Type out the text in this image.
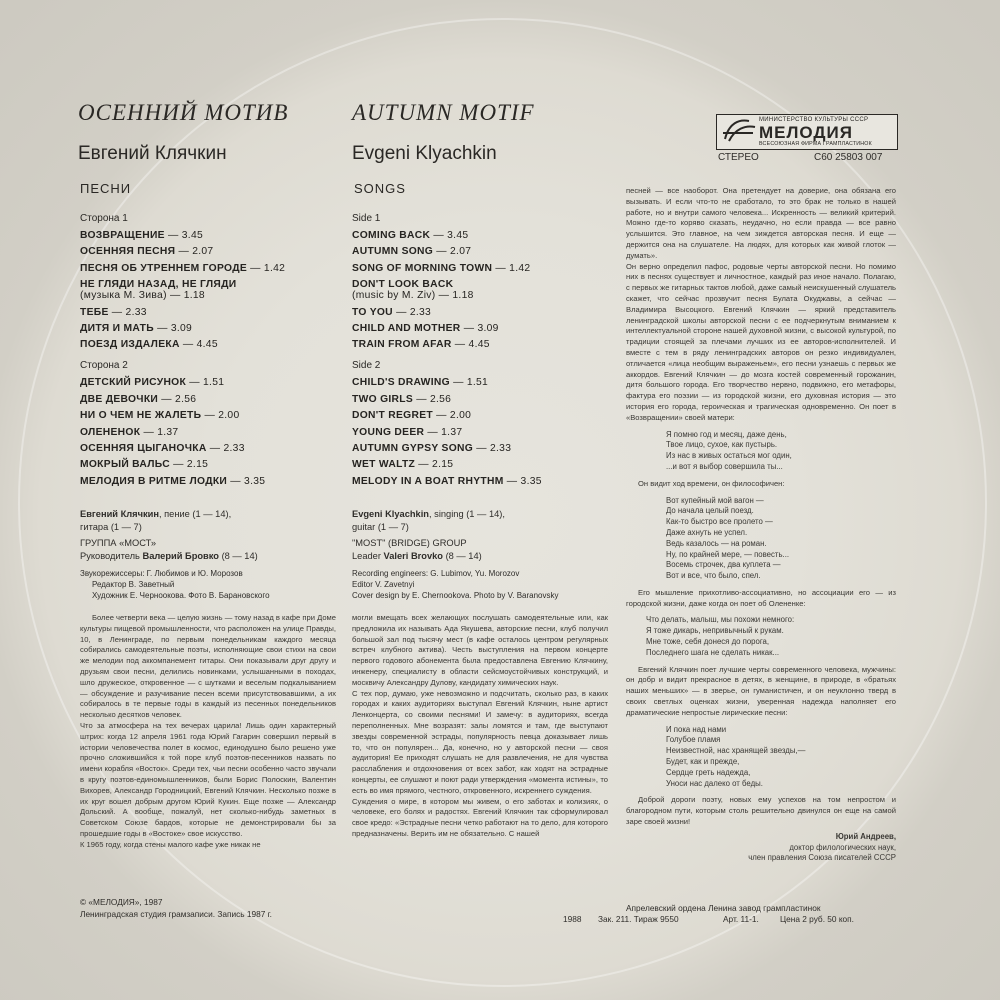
ОСЕННИЙ МОТИВ	AUTUMN MOTIF
Евгений Клячкин	Evgeni Klyachkin
ПЕСНИ	SONGS
МИНИСТЕРСТВО КУЛЬТУРЫ СССР
МЕЛОДИЯ
ВСЕСОЮЗНАЯ ФИРМА ГРАМПЛАСТИНОК
СТЕРЕО	С60 25803 007
Сторона 1
ВОЗВРАЩЕНИЕ — 3.45
ОСЕННЯЯ ПЕСНЯ — 2.07
ПЕСНЯ ОБ УТРЕННЕМ ГОРОДЕ — 1.42
НЕ ГЛЯДИ НАЗАД, НЕ ГЛЯДИ
(музыка М. Зива) — 1.18
ТЕБЕ — 2.33
ДИТЯ И МАТЬ — 3.09
ПОЕЗД ИЗДАЛЕКА — 4.45
Сторона 2
ДЕТСКИЙ РИСУНОК — 1.51
ДВЕ ДЕВОЧКИ — 2.56
НИ О ЧЕМ НЕ ЖАЛЕТЬ — 2.00
ОЛЕНЕНОК — 1.37
ОСЕННЯЯ ЦЫГАНОЧКА — 2.33
МОКРЫЙ ВАЛЬС — 2.15
МЕЛОДИЯ В РИТМЕ ЛОДКИ — 3.35
Side 1
COMING BACK — 3.45
AUTUMN SONG — 2.07
SONG OF MORNING TOWN — 1.42
DON'T LOOK BACK
(music by M. Ziv) — 1.18
TO YOU — 2.33
CHILD AND MOTHER — 3.09
TRAIN FROM AFAR — 4.45
Side 2
CHILD'S DRAWING — 1.51
TWO GIRLS — 2.56
DON'T REGRET — 2.00
YOUNG DEER — 1.37
AUTUMN GYPSY SONG — 2.33
WET WALTZ — 2.15
MELODY IN A BOAT RHYTHM — 3.35
Евгений Клячкин, пение (1 — 14),
гитара (1 — 7)
ГРУППА «МОСТ»
Руководитель Валерий Бровко (8 — 14)
Звукорежиссеры: Г. Любимов и Ю. Морозов
Редактор В. Заветный
Художник Е. Черноокова. Фото В. Барановского
Evgeni Klyachkin, singing (1 — 14),
guitar (1 — 7)
"MOST" (BRIDGE) GROUP
Leader Valeri Brovko (8 — 14)
Recording engineers: G. Lubimov, Yu. Morozov
Editor V. Zavetnyi
Cover design by E. Chernookova. Photo by V. Baranovsky

Более четверти века — целую жизнь — тому назад в кафе при Доме культуры пищевой промышленности, что расположен на улице Правды, 10, в Ленинграде, по первым понедельникам каждого месяца собирались самодеятельные поэты, исполняющие свои стихи на свои же мелодии под аккомпанемент гитары. Они показывали друг другу и друзьям свои песни, делились новинками, услышанными в походах, шло дружеское, откровенное — с шутками и веселым подкалыванием — обсуждение и разучивание песен всеми присутствовавшими, а их собиралось в те первые годы в каждый из песенных понедельников несколько десятков человек.
Что за атмосфера на тех вечерах царила! Лишь один характерный штрих: когда 12 апреля 1961 года Юрий Гагарин совершил первый в истории человечества полет в космос, единодушно было решено уже прочно сложившийся к той поре клуб поэтов-песенников назвать по имени корабля «Восток». Среди тех, чьи песни особенно часто звучали в кругу поэтов-единомышленников, были Борис Полоскин, Валентин Вихорев, Александр Городницкий, Евгений Клячкин. Несколько позже в их круг вошел добрым другом Юрий Кукин. Еще позже — Александр Дольский. А вообще, пожалуй, нет сколько-нибудь заметных в Советском Союзе бардов, которые не демонстрировали бы за прошедшие годы в «Востоке» свое искусство.
К 1965 году, когда стены малого кафе уже никак не

могли вмещать всех желающих послушать самодеятельные или, как предложила их называть Ада Якушева, авторские песни, клуб получил большой зал под тысячу мест (в кафе осталось центром регулярных встреч клубного актива). Честь выступления на первом концерте первого годового абонемента была предоставлена Евгению Клячкину, инженеру, специалисту в области сейсмоустойчивых конструкций, и москвичу Александру Дулову, кандидату химических наук.
С тех пор, думаю, уже невозможно и подсчитать, сколько раз, в каких городах и каких аудиториях выступал Евгений Клячкин, ныне артист Ленконцерта, со своими песнями! И замечу: в аудиториях, всегда переполненных. Мне возразят: залы ломятся и там, где выступают звезды современной эстрады, популярность певца доказывает лишь то, что он популярен... Да, конечно, но у авторской песни — своя аудитория! Ее приходят слушать не для развлечения, не для чувства расслабления и отдохновения от всех забот, как ходят на эстрадные концерты, ее слушают и поют ради утверждения «момента истины», то есть во имя прямого, честного, откровенного, искреннего суждения.
Суждения о мире, в котором мы живем, о его заботах и колизиях, о человеке, его болях и радостях. Евгений Клячкин так сформулировал свое кредо: «Эстрадные песни четко работают на то дело, для которого предназначены. Верить им не обязательно. С нашей

песней — все наоборот. Она претендует на доверие, она обязана его вызывать. И если что-то не сработало, то это брак не только в нашей работе, но и внутри самого человека... Искренность — великий критерий. Можно где-то коряво сказать, неудачно, но если правда — все равно услышится. Это главное, на чем зиждется авторская песня. И еще — держится она на слушателе. На людях, для которых как живой глоток — думать».
Он верно определил пафос, родовые черты авторской песни. Но помимо них в песнях существует и личностное, каждый раз иное начало. Полагаю, с первых же гитарных тактов любой, даже самый неискушенный слушатель скажет, что сейчас прозвучит песня Булата Окуджавы, а сейчас — Владимира Высоцкого. Евгений Клячкин — яркий представитель ленинградской школы авторской песни с ее подчеркнутым вниманием к интеллектуальной стороне нашей духовной жизни, с высокой культурой, по традиции стоящей за плечами лучших из ее авторов-исполнителей. И вместе с тем в ряду ленинградских авторов он резко индивидуален, отличается «лица необщим выраженьем», его песни узнаешь с первых же аккордов. Евгений Клячкин — до мозга костей современный горожанин, дитя большого города. Его творчество нервно, подвижно, его метафоры, фактура его поэзии — из городской жизни, его духовная история — это история его города, героическая и трагическая одновременно. Он поет в «Возвращении» своей матери:

Я помню год и месяц, даже день,
Твое лицо, сухое, как пустырь.
Из нас в живых остаться мог один,
...и вот я выбор совершила ты...

Он видит ход времени, он философичен:

Вот купейный мой вагон —
До начала целый поезд.
Как-то быстро все пролето —
Даже ахнуть не успел.
Ведь казалось — на роман.
Ну, по крайней мере, — повесть...
Восемь строчек, два куплета —
Вот и все, что было, спел.

Его мышление прихотливо-ассоциативно, но ассоциации его — из городской жизни, даже когда он поет об Олененке:

Что делать, малыш, мы похожи немного:
Я тоже дикарь, непривычный к рукам.
Мне тоже, себя донеся до порога,
Последнего шага не сделать никак...

Евгений Клячкин поет лучшие черты современного человека, мужчины: он добр и видит прекрасное в детях, в женщине, в природе, в «братьях наших меньших» — в зверье, он гуманистичен, и он неуклонно тверд в своих светлых оценках жизни, уверенная надежда наполняет его драматические непростые лирические песни:

И пока над нами
Голубое пламя
Неизвестной, нас хранящей звезды,—
Будет, как и прежде,
Сердце греть надежда,
Уноси нас далеко от беды.

Доброй дороги поэту, новых ему успехов на том непростом и благородном пути, которым столь решительно двинулся он еще на самой заре своей жизни!

Юрий Андреев,
доктор филологических наук,
член правления Союза писателей СССР
© «МЕЛОДИЯ», 1987
Ленинградская студия грамзаписи. Запись 1987 г.
Апрелевский ордена Ленина завод грампластинок
1988 Зак. 211. Тираж 9550	Арт. 11-1.	Цена 2 руб. 50 коп.
